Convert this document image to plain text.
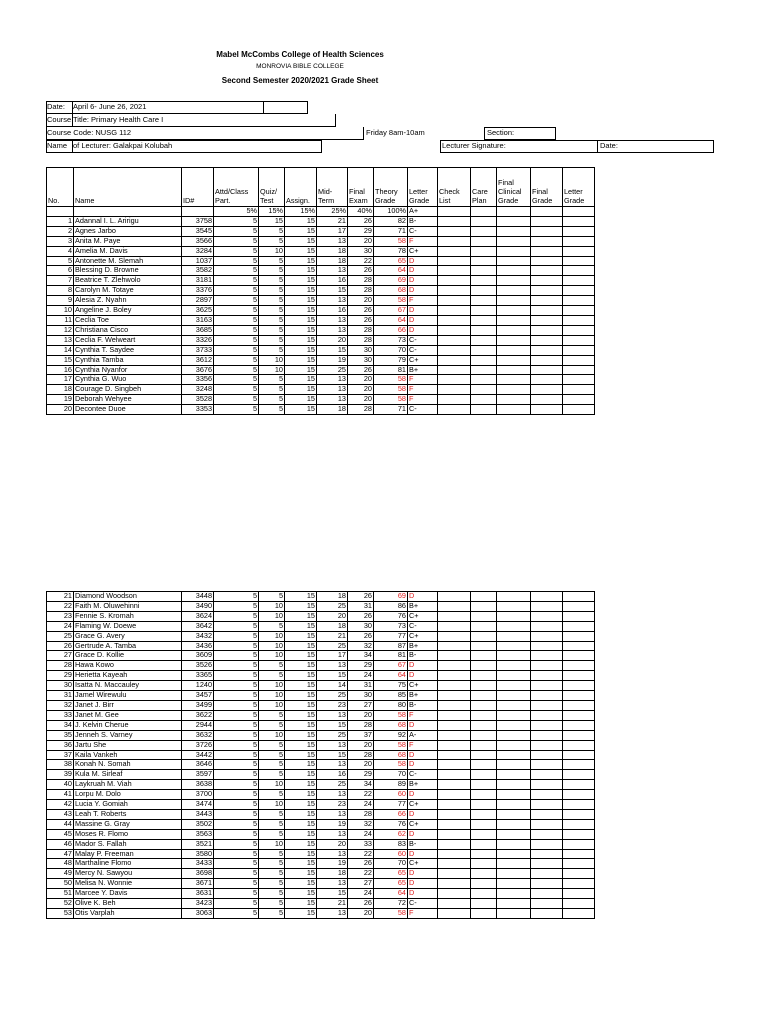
Mabel McCombs College of Health Sciences
MONROVIA BIBLE COLLEGE
Second Semester 2020/2021 Grade Sheet
Date: April 6- June 26, 2021
Course Title: Primary Health Care I
Course Code: NUSG 112	Friday 8am-10am	Section:
Name of Lecturer: Galakpai Kolubah	Lecturer Signature:	Date:
No.	Name	ID#	Attd/Class Part.	Quiz/ Test	Assign.	Mid- Term	Final Exam	Theory Grade	Letter Grade	Check List	Care Plan	Final Clinical Grade	Final Grade	Letter Grade
			5%	15%	15%	25%	40%	100%	A+					
1	Adannal I. L. Aririgu	3758	5	15	15	21	26	82	B-					
2	Agnes Jarbo	3545	5	5	15	17	29	71	C-					
3	Anita M. Paye	3566	5	5	15	13	20	58	F					
4	Amelia M. Davis	3284	5	10	15	18	30	78	C+					
5	Antonette M. Slemah	1037	5	5	15	18	22	65	D					
6	Blessing D. Browne	3582	5	5	15	13	26	64	D					
7	Beatrice T. Zlehwolo	3181	5	5	15	16	28	69	D					
8	Carolyn M. Totaye	3376	5	5	15	15	28	68	D					
9	Alesia Z. Nyahn	2897	5	5	15	13	20	58	F					
10	Angeline J. Boley	3625	5	5	15	16	26	67	D					
11	Ceclia Toe	3163	5	5	15	13	26	64	D					
12	Christiana Cisco	3685	5	5	15	13	28	66	D					
13	Ceclia F. Welweart	3326	5	5	15	20	28	73	C-					
14	Cynthia T. Saydee	3733	5	5	15	15	30	70	C-					
15	Cynthia Tamba	3612	5	10	15	19	30	79	C+					
16	Cynthia Nyanfor	3676	5	10	15	25	26	81	B+					
17	Cynthia G. Wuo	3356	5	5	15	13	20	58	F					
18	Courage D. Singbeh	3248	5	5	15	13	20	58	F					
19	Deborah Wehyee	3528	5	5	15	13	20	58	F					
20	Decontee Duoe	3353	5	5	15	18	28	71	C-					
21	Diamond Woodson	3448	5	5	15	18	26	69	D					
22	Faith M. Oluwehinni	3490	5	10	15	25	31	86	B+					
23	Fennie S. Kromah	3624	5	10	15	20	26	76	C+					
24	Flaming W. Doewe	3642	5	5	15	18	30	73	C-					
25	Grace G. Avery	3432	5	10	15	21	26	77	C+					
26	Gertrude A. Tamba	3436	5	10	15	25	32	87	B+					
27	Grace D. Kollie	3609	5	10	15	17	34	81	B-					
28	Hawa Kowo	3526	5	5	15	13	29	67	D					
29	Herietta Kayeah	3365	5	5	15	15	24	64	D					
30	Isatta N. Maccauley	1240	5	10	15	14	31	75	C+					
31	Jamel Wirewulu	3457	5	10	15	25	30	85	B+					
32	Janet J. Birr	3499	5	10	15	23	27	80	B-					
33	Janet M. Gee	3622	5	5	15	13	20	58	F					
34	J. Kelvin Cherue	2944	5	5	15	15	28	68	D					
35	Jenneh S. Varney	3632	5	10	15	25	37	92	A-					
36	Jartu She	3726	5	5	15	13	20	58	F					
37	Kaila Vankeh	3442	5	5	15	15	28	68	D					
38	Konah N. Somah	3646	5	5	15	13	20	58	D					
39	Kula M. Sirleaf	3597	5	5	15	16	29	70	C-					
40	Laykruah M. Viah	3638	5	10	15	25	34	89	B+					
41	Lorpu M. Dolo	3700	5	5	15	13	22	60	D					
42	Lucia Y. Gomiah	3474	5	10	15	23	24	77	C+					
43	Leah T. Roberts	3443	5	5	15	13	28	66	D					
44	Massine G. Gray	3502	5	5	15	19	32	76	C+					
45	Moses R. Flomo	3563	5	5	15	13	24	62	D					
46	Mador S. Fallah	3521	5	10	15	20	33	83	B-					
47	Malay P. Freeman	3580	5	5	15	13	22	60	D					
48	Marthaline Flomo	3433	5	5	15	19	26	70	C+					
49	Mercy N. Sawyou	3698	5	5	15	18	22	65	D					
50	Melisa N. Wonnie	3671	5	5	15	13	27	65	D					
51	Marcee Y. Davis	3631	5	5	15	15	24	64	D					
52	Olive K. Beh	3423	5	5	15	21	26	72	C-					
53	Otis Varplah	3063	5	5	15	13	20	58	F					
